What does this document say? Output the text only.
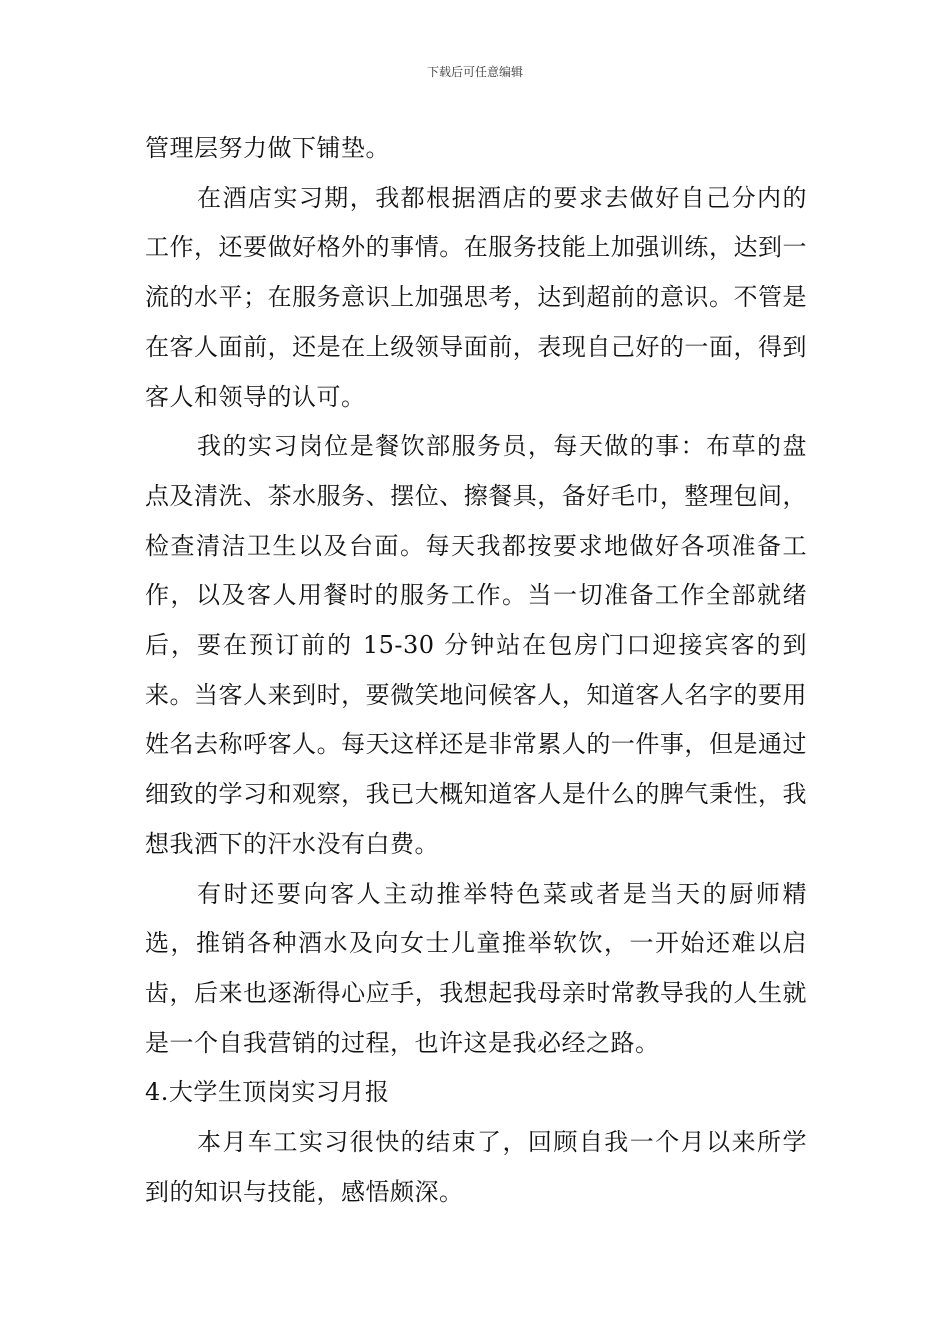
下载后可任意编辑

管理层努力做下铺垫。

在酒店实习期，我都根据酒店的要求去做好自己分内的工作，还要做好格外的事情。在服务技能上加强训练，达到一流的水平；在服务意识上加强思考，达到超前的意识。不管是在客人面前，还是在上级领导面前，表现自己好的一面，得到客人和领导的认可。

我的实习岗位是餐饮部服务员，每天做的事：布草的盘点及清洗、茶水服务、摆位、擦餐具，备好毛巾，整理包间，检查清洁卫生以及台面。每天我都按要求地做好各项准备工作，以及客人用餐时的服务工作。当一切准备工作全部就绪后，要在预订前的 15-30 分钟站在包房门口迎接宾客的到来。当客人来到时，要微笑地问候客人，知道客人名字的要用姓名去称呼客人。每天这样还是非常累人的一件事，但是通过细致的学习和观察，我已大概知道客人是什么的脾气秉性，我想我洒下的汗水没有白费。

有时还要向客人主动推举特色菜或者是当天的厨师精选，推销各种酒水及向女士儿童推举软饮，一开始还难以启齿，后来也逐渐得心应手，我想起我母亲时常教导我的人生就是一个自我营销的过程，也许这是我必经之路。

4.大学生顶岗实习月报

本月车工实习很快的结束了，回顾自我一个月以来所学到的知识与技能，感悟颇深。
